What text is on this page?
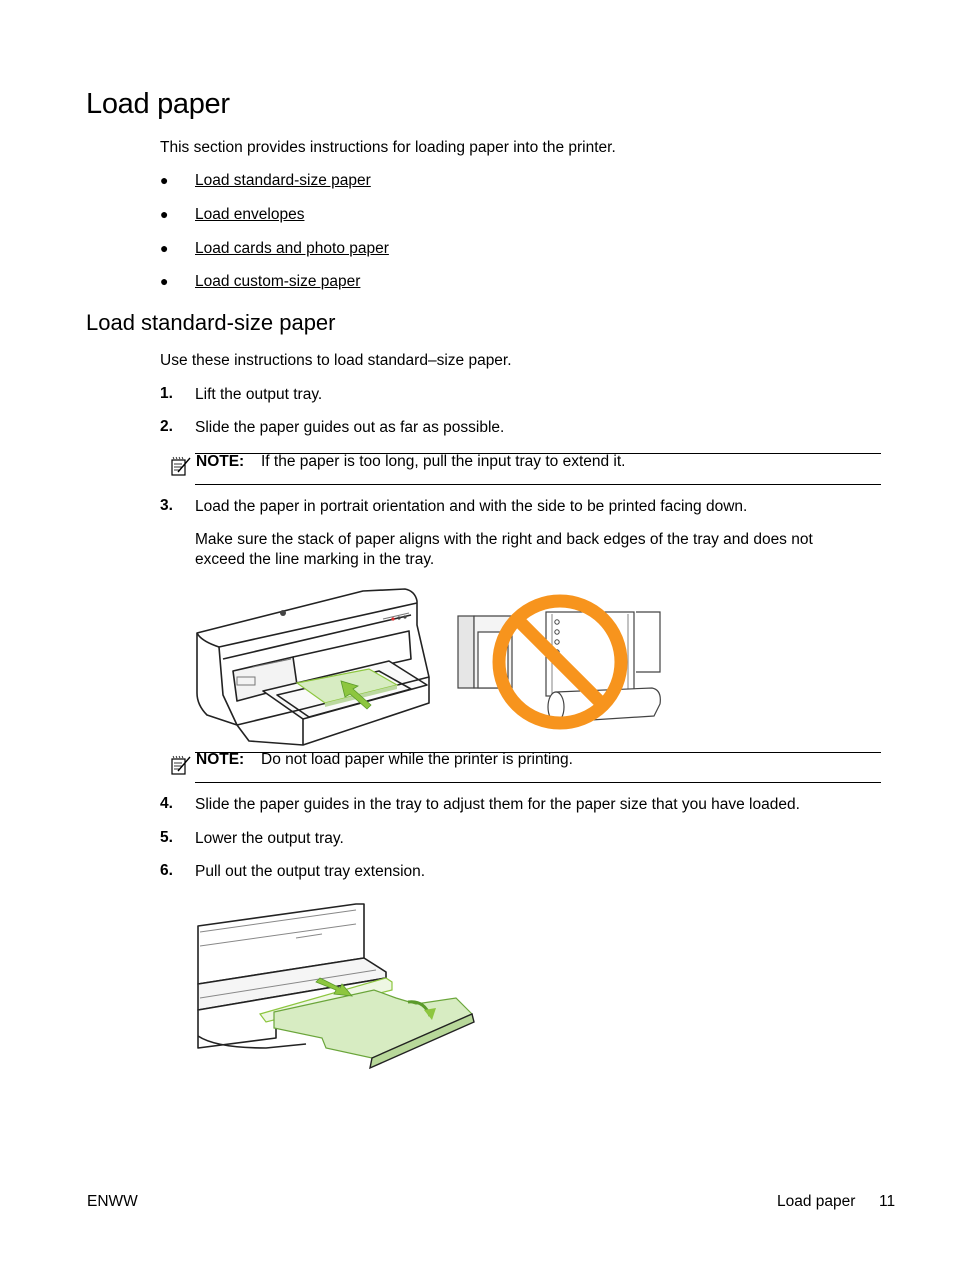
Load paper
This section provides instructions for loading paper into the printer.
● Load standard-size paper
● Load envelopes
● Load cards and photo paper
● Load custom-size paper
Load standard-size paper
Use these instructions to load standard–size paper.
1. Lift the output tray.
2. Slide the paper guides out as far as possible.
NOTE: If the paper is too long, pull the input tray to extend it.
3. Load the paper in portrait orientation and with the side to be printed facing down.
Make sure the stack of paper aligns with the right and back edges of the tray and does not exceed the line marking in the tray.
NOTE: Do not load paper while the printer is printing.
4. Slide the paper guides in the tray to adjust them for the paper size that you have loaded.
5. Lower the output tray.
6. Pull out the output tray extension.
ENWW	Load paper 11
